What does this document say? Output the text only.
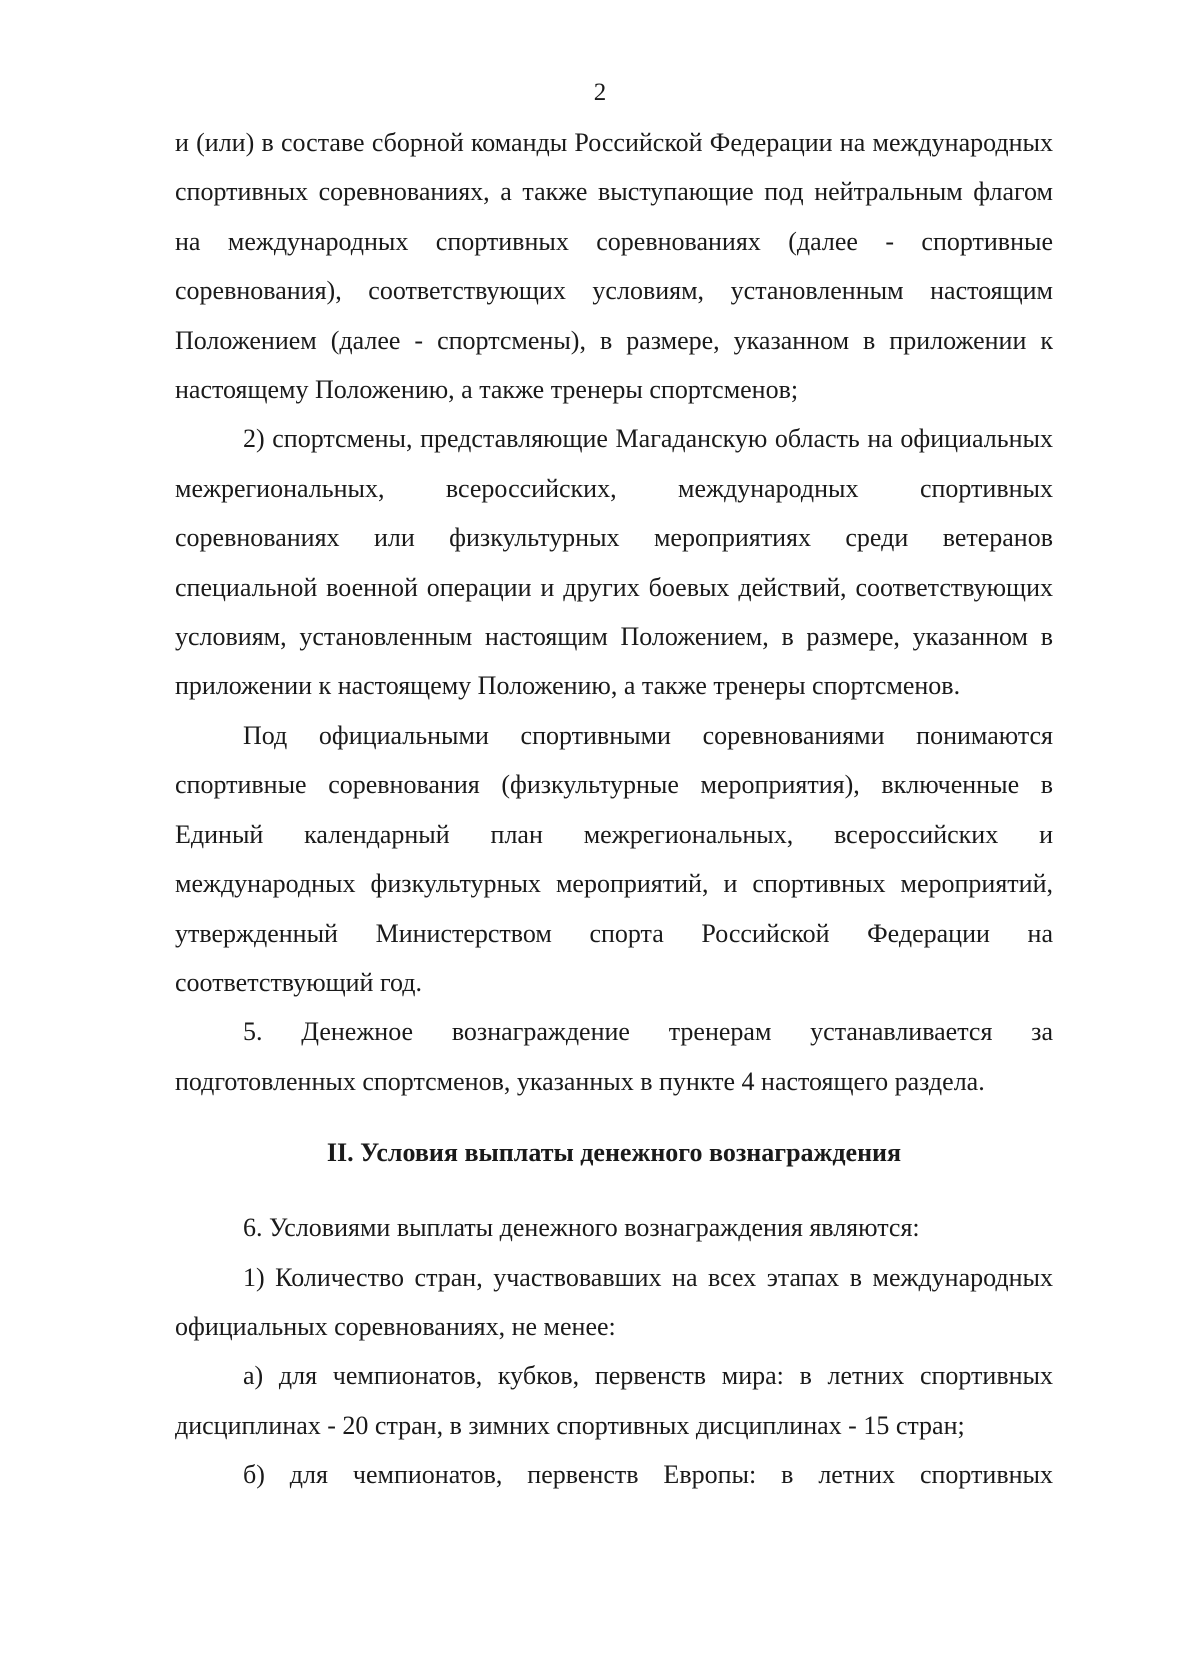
2

и (или) в составе сборной команды Российской Федерации на международных спортивных соревнованиях, а также выступающие под нейтральным флагом на международных спортивных соревнованиях (далее - спортивные соревнования), соответствующих условиям, установленным настоящим Положением (далее - спортсмены), в размере, указанном в приложении к настоящему Положению, а также тренеры спортсменов;

2) спортсмены, представляющие Магаданскую область на официальных межрегиональных, всероссийских, международных спортивных соревнованиях или физкультурных мероприятиях среди ветеранов специальной военной операции и других боевых действий, соответствующих условиям, установленным настоящим Положением, в размере, указанном в приложении к настоящему Положению, а также тренеры спортсменов.

Под официальными спортивными соревнованиями понимаются спортивные соревнования (физкультурные мероприятия), включенные в Единый календарный план межрегиональных, всероссийских и международных физкультурных мероприятий, и спортивных мероприятий, утвержденный Министерством спорта Российской Федерации на соответствующий год.

5. Денежное вознаграждение тренерам устанавливается за подготовленных спортсменов, указанных в пункте 4 настоящего раздела.

II. Условия выплаты денежного вознаграждения

6. Условиями выплаты денежного вознаграждения являются:

1) Количество стран, участвовавших на всех этапах в международных официальных соревнованиях, не менее:

а) для чемпионатов, кубков, первенств мира: в летних спортивных дисциплинах - 20 стран, в зимних спортивных дисциплинах - 15 стран;

б) для чемпионатов, первенств Европы: в летних спортивных
